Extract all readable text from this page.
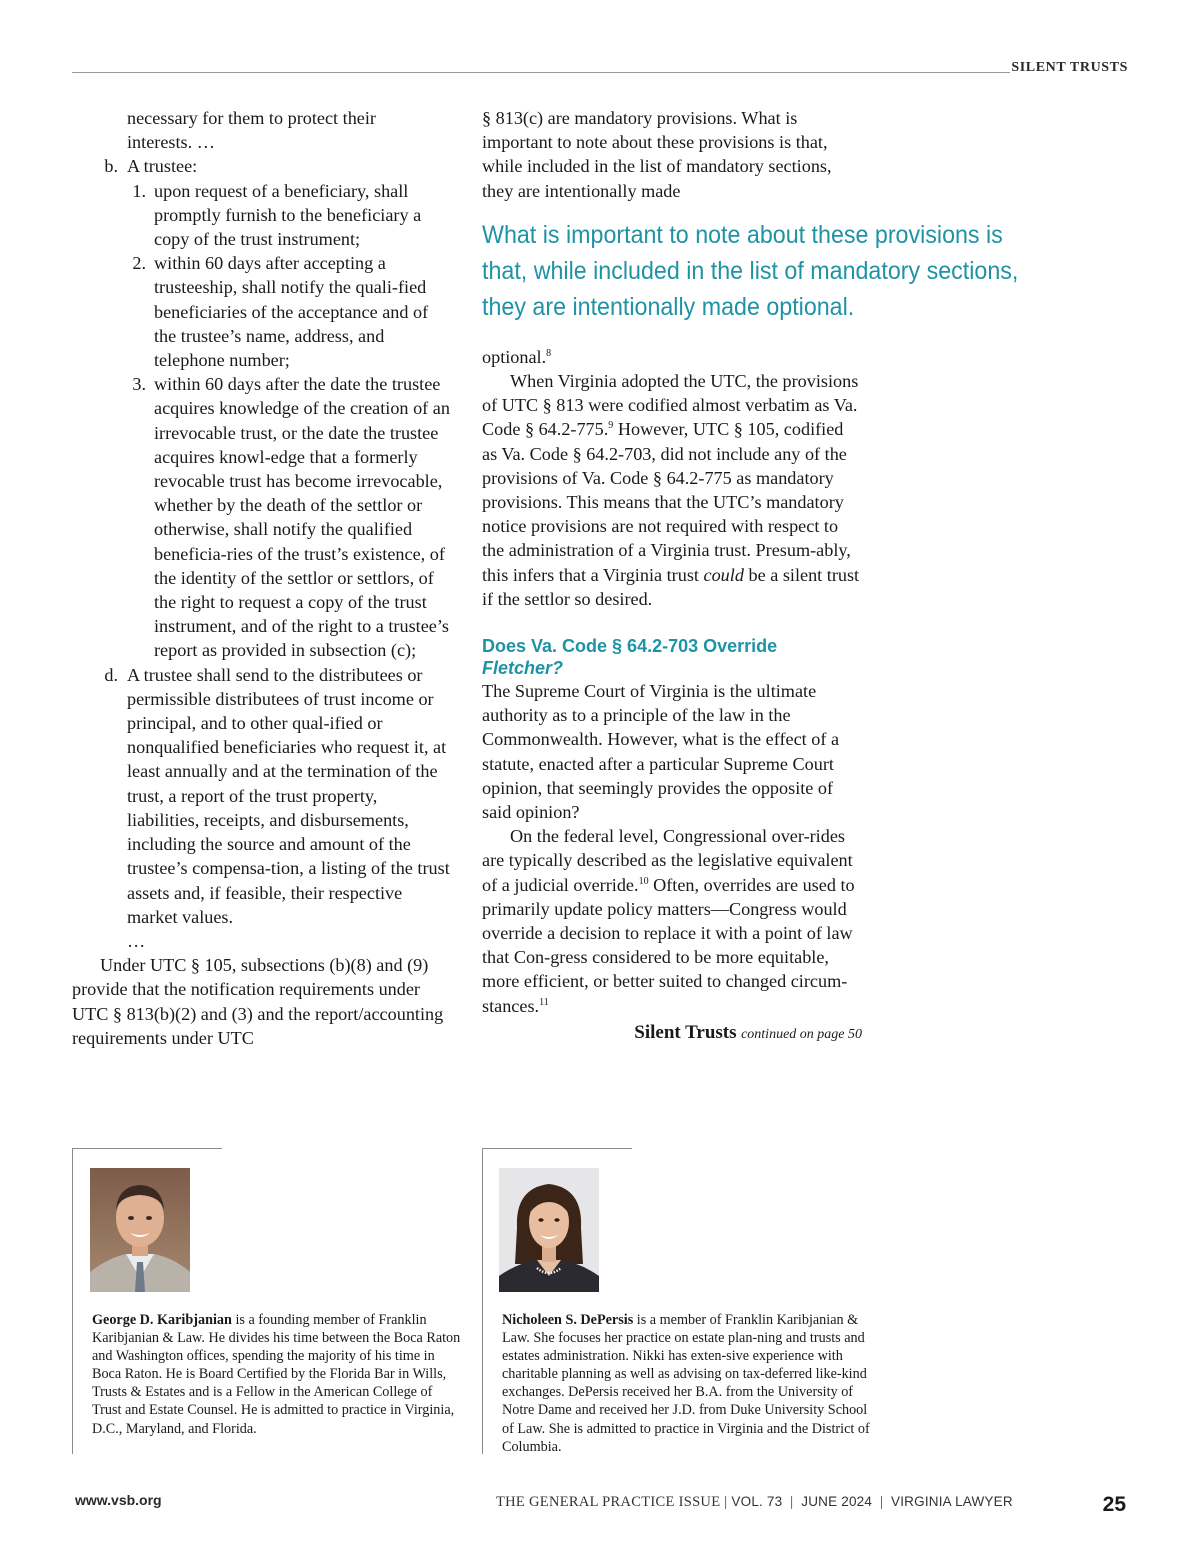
SILENT TRUSTS
necessary for them to protect their
interests. …
b. A trustee:
1. upon request of a beneficiary, shall promptly furnish to the beneficiary a copy of the trust instrument;
2. within 60 days after accepting a trusteeship, shall notify the quali-fied beneficiaries of the acceptance and of the trustee’s name, address, and telephone number;
3. within 60 days after the date the trustee acquires knowledge of the creation of an irrevocable trust, or the date the trustee acquires knowl-edge that a formerly revocable trust has become irrevocable, whether by the death of the settlor or otherwise, shall notify the qualified beneficia-ries of the trust’s existence, of the identity of the settlor or settlors, of the right to request a copy of the trust instrument, and of the right to a trustee’s report as provided in subsection (c);
d. A trustee shall send to the distributees or permissible distributees of trust income or principal, and to other qual-ified or nonqualified beneficiaries who request it, at least annually and at the termination of the trust, a report of the trust property, liabilities, receipts, and disbursements, including the source and amount of the trustee’s compensa-tion, a listing of the trust assets and, if feasible, their respective market values.
…

Under UTC § 105, subsections (b)(8) and (9) provide that the notification requirements under UTC § 813(b)(2) and (3) and the report/accounting requirements under UTC

§ 813(c) are mandatory provisions. What is important to note about these provisions is that, while included in the list of mandatory sections, they are intentionally made

What is important to note about these provisions is that, while included in the list of mandatory sections, they are intentionally made optional.

optional.$^8$

When Virginia adopted the UTC, the provisions of UTC § 813 were codified almost verbatim as Va. Code § 64.2-775.$^9$ However, UTC § 105, codified as Va. Code § 64.2-703, did not include any of the provisions of Va. Code § 64.2-775 as mandatory provisions. This means that the UTC’s mandatory notice provisions are not required with respect to the administration of a Virginia trust. Presum-ably, this infers that a Virginia trust could be a silent trust if the settlor so desired.

Does Va. Code § 64.2-703 Override
Fletcher?

The Supreme Court of Virginia is the ultimate authority as to a principle of the law in the Commonwealth. However, what is the effect of a statute, enacted after a particular Supreme Court opinion, that seemingly provides the opposite of said opinion?

On the federal level, Congressional over-rides are typically described as the legislative equivalent of a judicial override.$^{10}$ Often, overrides are used to primarily update policy matters—Congress would override a decision to replace it with a point of law that Con-gress considered to be more equitable, more efficient, or better suited to changed circum-stances.$^{11}$

Silent Trusts continued on page 50

George D. Karibjanian is a founding member of Franklin Karibjanian & Law. He divides his time between the Boca Raton and Washington offices, spending the majority of his time in Boca Raton. He is Board Certified by the Florida Bar in Wills, Trusts & Estates and is a Fellow in the American College of Trust and Estate Counsel. He is admitted to practice in Virginia, D.C., Maryland, and Florida.

Nicholeen S. DePersis is a member of Franklin Karibjanian & Law. She focuses her practice on estate plan-ning and trusts and estates administration. Nikki has exten-sive experience with charitable planning as well as advising on tax-deferred like-kind exchanges. DePersis received her B.A. from the University of Notre Dame and received her J.D. from Duke University School of Law. She is admitted to practice in Virginia and the District of Columbia.

www.vsb.org	THE GENERAL PRACTICE ISSUE | VOL. 73  |  JUNE 2024  |  VIRGINIA LAWYER	25
